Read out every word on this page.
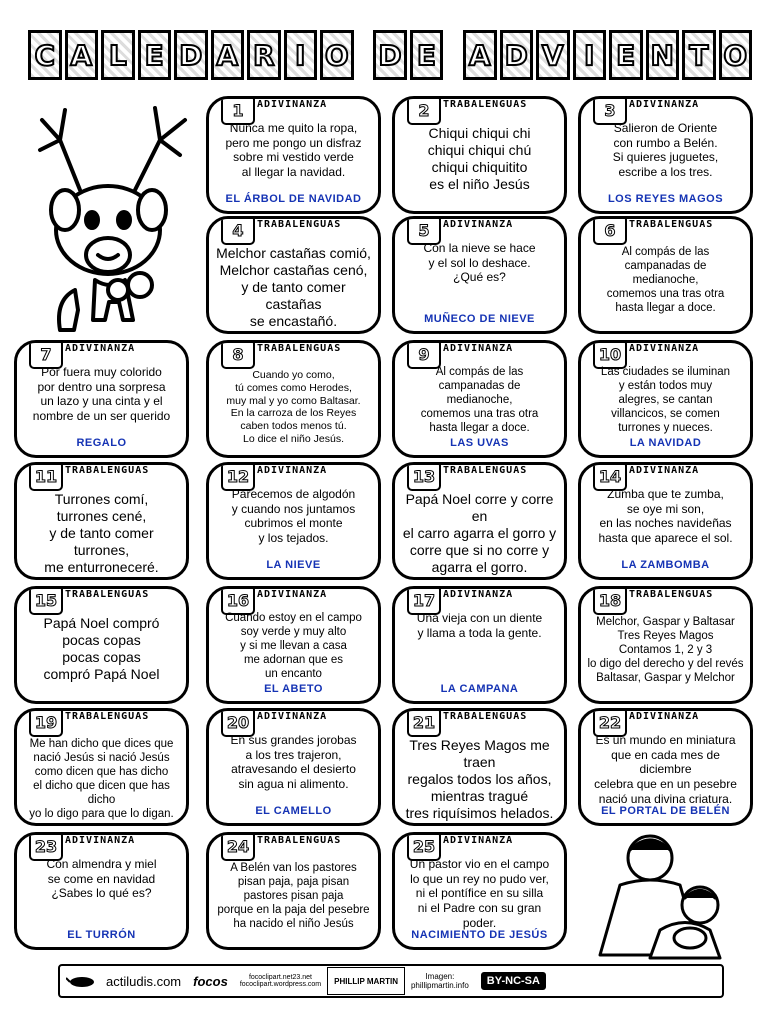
C A L E D A R I O D E A D V I E N T O
1	ADIVINANZA
Nunca me quito la ropa,
pero me pongo un disfraz
sobre mi vestido verde
al llegar la navidad.
EL ÁRBOL DE NAVIDAD
2	TRABALENGUAS
Chiqui chiqui chi
chiqui chiqui chú
chiqui chiquitito
es el niño Jesús
3	ADIVINANZA
Salieron de Oriente
con rumbo a Belén.
Si quieres juguetes,
escribe a los tres.
LOS REYES MAGOS
4	TRABALENGUAS
Melchor castañas comió,
Melchor castañas cenó,
y de tanto comer castañas
se encastañó.
5	ADIVINANZA
Con la nieve se hace
y el sol lo deshace.
¿Qué es?
MUÑECO DE NIEVE
6	TRABALENGUAS
Al compás de las
campanadas de
medianoche,
comemos una tras otra
hasta llegar a doce.
7	ADIVINANZA
Por fuera muy colorido
por dentro una sorpresa
un lazo y una cinta y el
nombre de un ser querido
REGALO
8	TRABALENGUAS
Cuando yo como,
tú comes como Herodes,
muy mal y yo como Baltasar.
En la carroza de los Reyes
caben todos menos tú.
Lo dice el niño Jesús.
9	ADIVINANZA
Al compás de las
campanadas de
medianoche,
comemos una tras otra
hasta llegar a doce.
LAS UVAS
10 ADIVINANZA
Las ciudades se iluminan
y están todos muy
alegres, se cantan
villancicos, se comen
turrones y nueces.
LA NAVIDAD
11 TRABALENGUAS
Turrones comí,
turrones cené,
y de tanto comer turrones,
me enturroneceré.
12 ADIVINANZA
Parecemos de algodón
y cuando nos juntamos
cubrimos el monte
y los tejados.
LA NIEVE
13 TRABALENGUAS
Papá Noel corre y corre en
el carro agarra el gorro y
corre que si no corre y
agarra el gorro.
14 ADIVINANZA
Zumba que te zumba,
se oye mi son,
en las noches navideñas
hasta que aparece el sol.
LA ZAMBOMBA
15 TRABALENGUAS
Papá Noel compró
pocas copas
pocas copas
compró Papá Noel
16 ADIVINANZA
Cuando estoy en el campo
soy verde y muy alto
y si me llevan a casa
me adornan que es
un encanto
EL ABETO
17 ADIVINANZA
Una vieja con un diente
y llama a toda la gente.
LA CAMPANA
18 TRABALENGUAS
Melchor, Gaspar y Baltasar
Tres Reyes Magos
Contamos 1, 2 y 3
lo digo del derecho y del revés
Baltasar, Gaspar y Melchor
19 TRABALENGUAS
Me han dicho que dices que
nació Jesús si nació Jesús
como dicen que has dicho
el dicho que dicen que has dicho
yo lo digo para que lo digan.
20 ADIVINANZA
En sus grandes jorobas
a los tres trajeron,
atravesando el desierto
sin agua ni alimento.
EL CAMELLO
21 TRABALENGUAS
Tres Reyes Magos me traen
regalos todos los años,
mientras tragué
tres riquísimos helados.
22 ADIVINANZA
Es un mundo en miniatura
que en cada mes de diciembre
celebra que en un pesebre
nació una divina criatura.
EL PORTAL DE BELÉN
23 ADIVINANZA
Con almendra y miel
se come en navidad
¿Sabes lo qué es?
EL TURRÓN
24 TRABALENGUAS
A Belén van los pastores
pisan paja, paja pisan
pastores pisan paja
porque en la paja del pesebre
ha nacido el niño Jesús
25 ADIVINANZA
Un pastor vio en el campo
lo que un rey no pudo ver,
ni el pontífice en su silla
ni el Padre con su gran poder.
NACIMIENTO DE JESÚS
actiludis.com focos	fococlipart.net23.net
fococlipart.wordpress.com	PHILLIP MARTIN	Imagen:
phillipmartin.info	BY-NC-SA
